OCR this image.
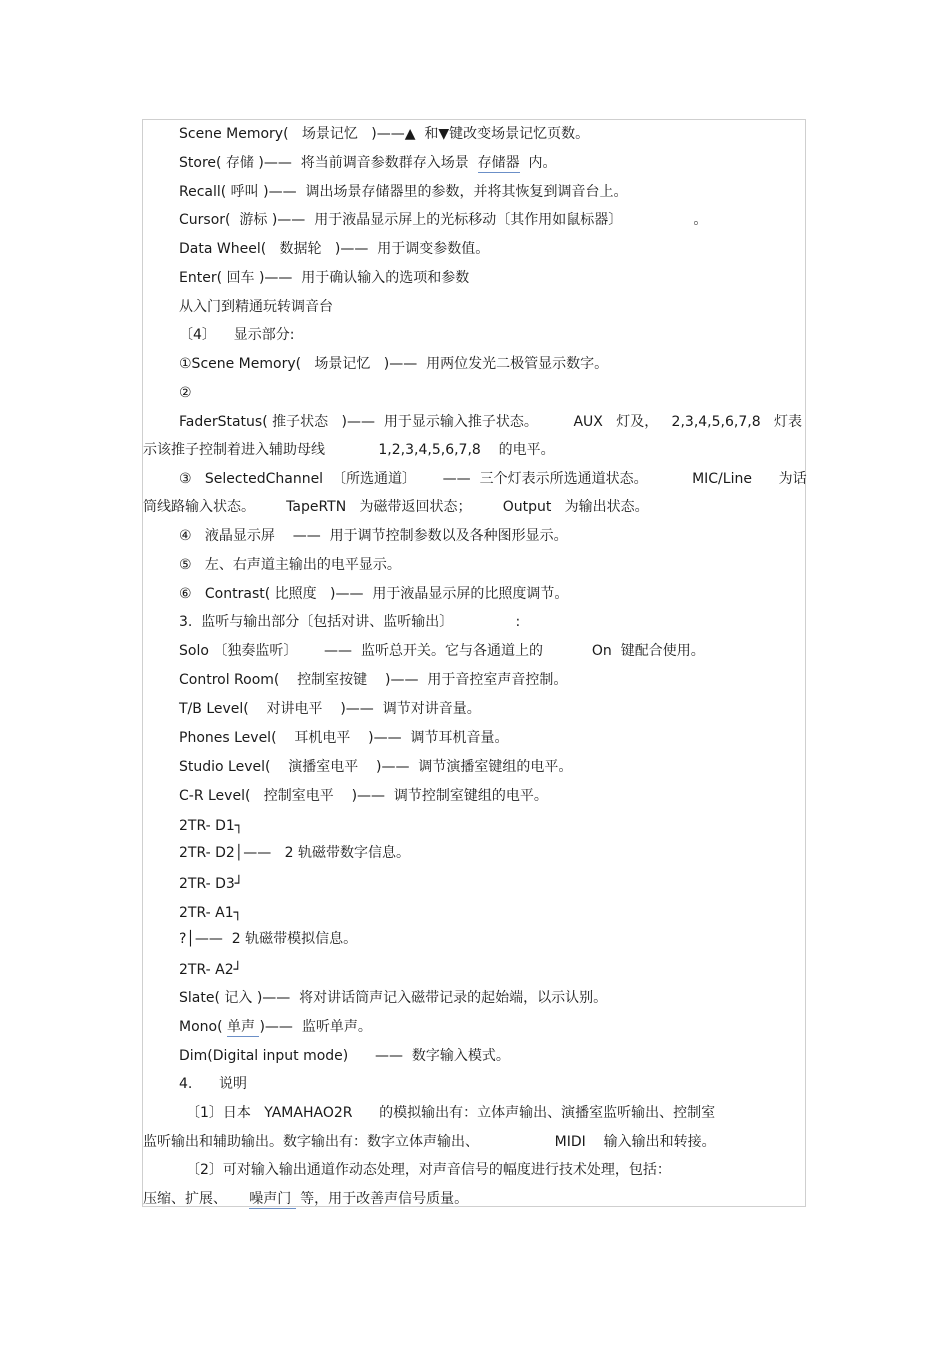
Scene Memory(   场景记忆   )——▲  和▼键改变场景记忆页数。
Store( 存储 )——  将当前调音参数群存入场景  存储器  内。
Recall( 呼叫 )——  调出场景存储器里的参数，并将其恢复到调音台上。
Cursor(  游标 )——  用于液晶显示屏上的光标移动〔其作用如鼠标器〕                。
Data Wheel(   数据轮   )——  用于调变参数值。
Enter( 回车 )——  用于确认输入的选项和参数
从入门到精通玩转调音台
〔4〕    显示部分:
①Scene Memory(   场景记忆   )——  用两位发光二极管显示数字。
②
FaderStatus( 推子状态   )——  用于显示输入推子状态。        AUX   灯及，   2,3,4,5,6,7,8   灯表
示该推子控制着进入辅助母线            1,2,3,4,5,6,7,8    的电平。
③   SelectedChannel  〔所选通道〕      ——  三个灯表示所选通道状态。          MIC/Line      为话
筒线路输入状态。       TapeRTN   为磁带返回状态；       Output   为输出状态。
④   液晶显示屏    ——  用于调节控制参数以及各种图形显示。
⑤   左、右声道主输出的电平显示。
⑥   Contrast( 比照度   )——  用于液晶显示屏的比照度调节。
3.  监听与输出部分〔包括对讲、监听输出〕              :
Solo 〔独奏监听〕      ——  监听总开关。它与各通道上的           On  键配合使用。
Control Room(    控制室按键    )——  用于音控室声音控制。
T/B Level(    对讲电平    )——  调节对讲音量。
Phones Level(    耳机电平    )——  调节耳机音量。
Studio Level(    演播室电平    )——  调节演播室键组的电平。
C-R Level(   控制室电平    )——  调节控制室键组的电平。
2TR- D1┐
2TR- D2│——   2 轨磁带数字信息。
2TR- D3┘
2TR- A1┐
?│——  2 轨磁带模拟信息。
2TR- A2┘
Slate( 记入 )——  将对讲话筒声记入磁带记录的起始端，以示认别。
Mono( 单声 )——  监听单声。
Dim(Digital input mode)      ——  数字输入模式。
4.      说明
〔1〕日本   YAMAHAO2R      的模拟输出有：立体声输出、演播室监听输出、控制室
监听输出和辅助输出。数字输出有：数字立体声输出、                 MIDI    输入输出和转接。
〔2〕可对输入输出通道作动态处理，对声音信号的幅度进行技术处理，包括：
压缩、扩展、     噪声门  等，用于改善声信号质量。
